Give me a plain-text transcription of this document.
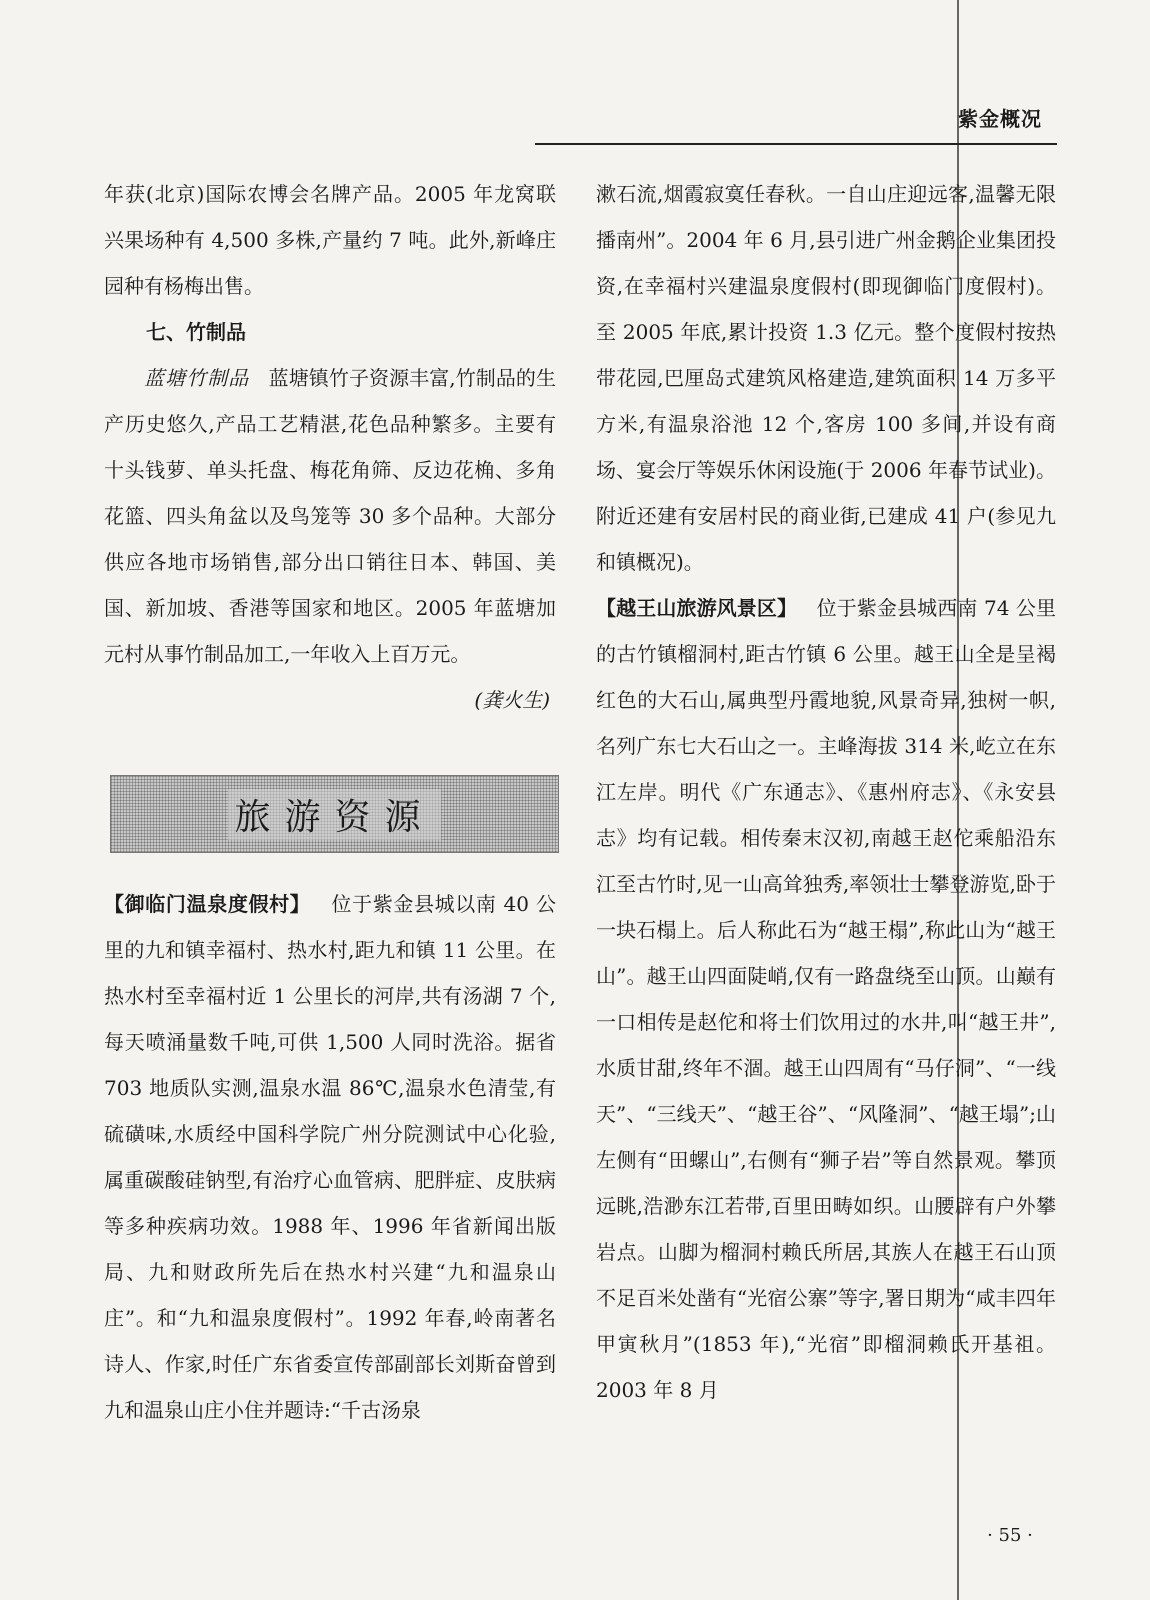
紫金概况

年获(北京)国际农博会名牌产品。2005 年龙窝联兴果场种有 4,500 多株,产量约 7 吨。此外,新峰庄园种有杨梅出售。

七、竹制品

蓝塘竹制品 蓝塘镇竹子资源丰富,竹制品的生产历史悠久,产品工艺精湛,花色品种繁多。主要有十头钱萝、单头托盘、梅花角筛、反边花桷、多角花篮、四头角盆以及鸟笼等 30 多个品种。大部分供应各地市场销售,部分出口销往日本、韩国、美国、新加坡、香港等国家和地区。2005 年蓝塘加元村从事竹制品加工,一年收入上百万元。

(龚火生)

旅游资源

【御临门温泉度假村】 位于紫金县城以南 40 公里的九和镇幸福村、热水村,距九和镇 11 公里。在热水村至幸福村近 1 公里长的河岸,共有汤湖 7 个,每天喷涌量数千吨,可供 1,500 人同时洗浴。据省 703 地质队实测,温泉水温 86℃,温泉水色清莹,有硫磺味,水质经中国科学院广州分院测试中心化验,属重碳酸硅钠型,有治疗心血管病、肥胖症、皮肤病等多种疾病功效。1988 年、1996 年省新闻出版局、九和财政所先后在热水村兴建“九和温泉山庄”。和“九和温泉度假村”。1992 年春,岭南著名诗人、作家,时任广东省委宣传部副部长刘斯奋曾到九和温泉山庄小住并题诗:“千古汤泉

漱石流,烟霞寂寞任春秋。一自山庄迎远客,温馨无限播南州”。2004 年 6 月,县引进广州金鹅企业集团投资,在幸福村兴建温泉度假村(即现御临门度假村)。至 2005 年底,累计投资 1.3 亿元。整个度假村按热带花园,巴厘岛式建筑风格建造,建筑面积 14 万多平方米,有温泉浴池 12 个,客房 100 多间,并设有商场、宴会厅等娱乐休闲设施(于 2006 年春节试业)。附近还建有安居村民的商业街,已建成 41 户(参见九和镇概况)。

【越王山旅游风景区】 位于紫金县城西南 74 公里的古竹镇榴洞村,距古竹镇 6 公里。越王山全是呈褐红色的大石山,属典型丹霞地貌,风景奇异,独树一帜,名列广东七大石山之一。主峰海拔 314 米,屹立在东江左岸。明代《广东通志》、《惠州府志》、《永安县志》均有记载。相传秦末汉初,南越王赵佗乘船沿东江至古竹时,见一山高耸独秀,率领壮士攀登游览,卧于一块石榻上。后人称此石为“越王榻”,称此山为“越王山”。越王山四面陡峭,仅有一路盘绕至山顶。山巅有一口相传是赵佗和将士们饮用过的水井,叫“越王井”,水质甘甜,终年不涸。越王山四周有“马仔洞”、“一线天”、“三线天”、“越王谷”、“风隆洞”、“越王塌”;山左侧有“田螺山”,右侧有“狮子岩”等自然景观。攀顶远眺,浩渺东江若带,百里田畴如织。山腰辟有户外攀岩点。山脚为榴洞村赖氏所居,其族人在越王石山顶不足百米处凿有“光宿公寨”等字,署日期为“咸丰四年甲寅秋月”(1853 年),“光宿”即榴洞赖氏开基祖。2003 年 8 月

· 55 ·
